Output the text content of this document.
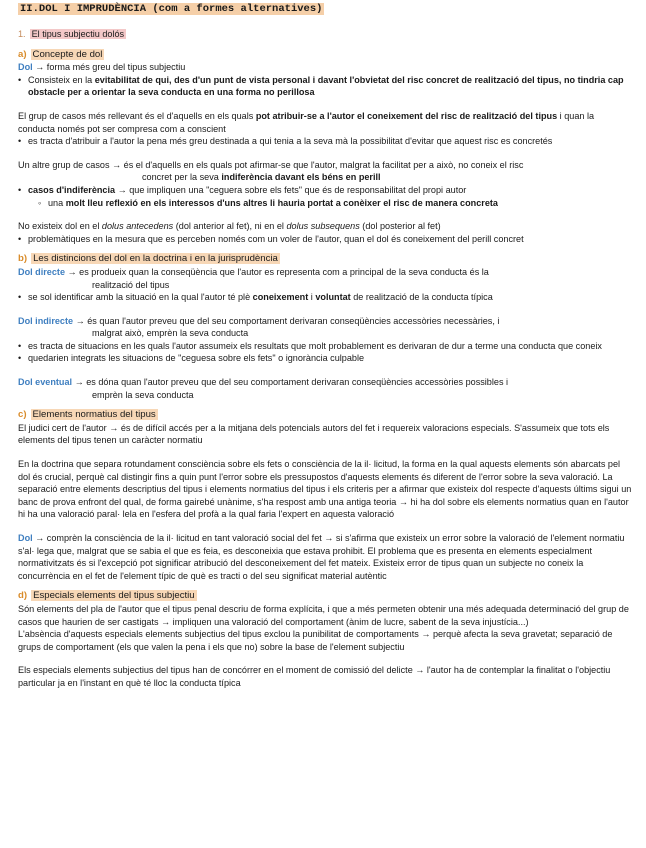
II.DOL I IMPRUDÈNCIA (com a formes alternatives)
1. El tipus subjectiu dolós
a) Concepte de dol

Dol → forma més greu del tipus subjectiu

• Consisteix en la evitabilitat de qui, des d'un punt de vista personal i davant l'obvietat del risc concret de realització del tipus, no tindria cap obstacle per a orientar la seva conducta en una forma no perillosa

El grup de casos més rellevant és el d'aquells en els quals pot atribuir-se a l'autor el coneixement del risc de realització del tipus i quan la conducta només pot ser compresa com a conscient

• es tracta d'atribuir a l'autor la pena més greu destinada a qui tenia a la seva mà la possibilitat d'evitar que aquest risc es concretés

Un altre grup de casos → és el d'aquells en els quals pot afirmar-se que l'autor, malgrat la facilitat per a això, no coneix el risc

concret per la seva indiferència davant els béns en perill

• casos d'indiferència → que impliquen una "ceguera sobre els fets" que és de responsabilitat del propi autor
◦ una molt lleu reflexió en els interessos d'uns altres li hauria portat a conèixer el risc de manera concreta

No existeix dol en el dolus antecedens (dol anterior al fet), ni en el dolus subsequens (dol posterior al fet)

• problemàtiques en la mesura que es perceben només com un voler de l'autor, quan el dol és coneixement del perill concret
b) Les distincions del dol en la doctrina i en la jurisprudència

Dol directe → es produeix quan la conseqüència que l'autor es representa com a principal de la seva conducta és la

realització del tipus

• se sol identificar amb la situació en la qual l'autor té plè coneixement i voluntat de realització de la conducta típica

Dol indirecte → és quan l'autor preveu que del seu comportament derivaran conseqüències accessòries necessàries, i

malgrat això, emprèn la seva conducta

• es tracta de situacions en les quals l'autor assumeix els resultats que molt probablement es derivaran de dur a terme una conducta que coneix
• quedarien integrats les situacions de "ceguesa sobre els fets" o ignorància culpable

Dol eventual → es dóna quan l'autor preveu que del seu comportament derivaran conseqüències accessòries possibles i

emprèn la seva conducta

c) Elements normatius del tipus

El judici cert de l'autor → és de difícil accés per a la mitjana dels potencials autors del fet i requereix valoracions especials. S'assumeix que tots els elements del tipus tenen un caràcter normatiu

En la doctrina que separa rotundament consciència sobre els fets o consciència de la il· licitud, la forma en la qual aquests elements són abarcats pel dol és crucial, perquè cal distingir fins a quin punt l'error sobre els pressupostos d'aquests elements és diferent de l'error sobre la seva valoració. La separació entre elements descriptius del tipus i elements normatius del tipus i els criteris per a afirmar que existeix dol respecte d'aquests últims sigui un banc de prova enfront del qual, de forma gairebé unànime, s'ha respost amb una antiga teoria → hi ha dol sobre els elements normatius quan en l'autor hi ha una valoració paral· lela en l'esfera del profà a la qual faria l'expert en aquesta valoració

Dol → comprèn la consciència de la il· licitud en tant valoració social del fet → si s'afirma que existeix un error sobre la valoració de l'element normatiu s'al· lega que, malgrat que se sabia el que es feia, es desconeixia que estava prohibit. El problema que es presenta en elements especialment normativitzats és si l'excepció pot significar atribució del desconeixement del fet mateix. Existeix error de tipus quan un subjecte no coneix la concurrència en el fet de l'element típic de què es tracti o del seu significat material autèntic

d) Especials elements del tipus subjectiu

Són elements del pla de l'autor que el tipus penal descriu de forma explícita, i que a més permeten obtenir una més adequada determinació del grup de casos que haurien de ser castigats → impliquen una valoració del comportament (ànim de lucre, sabent de la seva injustícia...)

L'absència d'aquests especials elements subjectius del tipus exclou la punibilitat de comportaments → perquè afecta la seva gravetat; separació de grups de comportament (els que valen la pena i els que no) sobre la base de l'element subjectiu

Els especials elements subjectius del tipus han de concórrer en el moment de comissió del delicte → l'autor ha de contemplar la finalitat o l'objectiu particular ja en l'instant en què té lloc la conducta típica
